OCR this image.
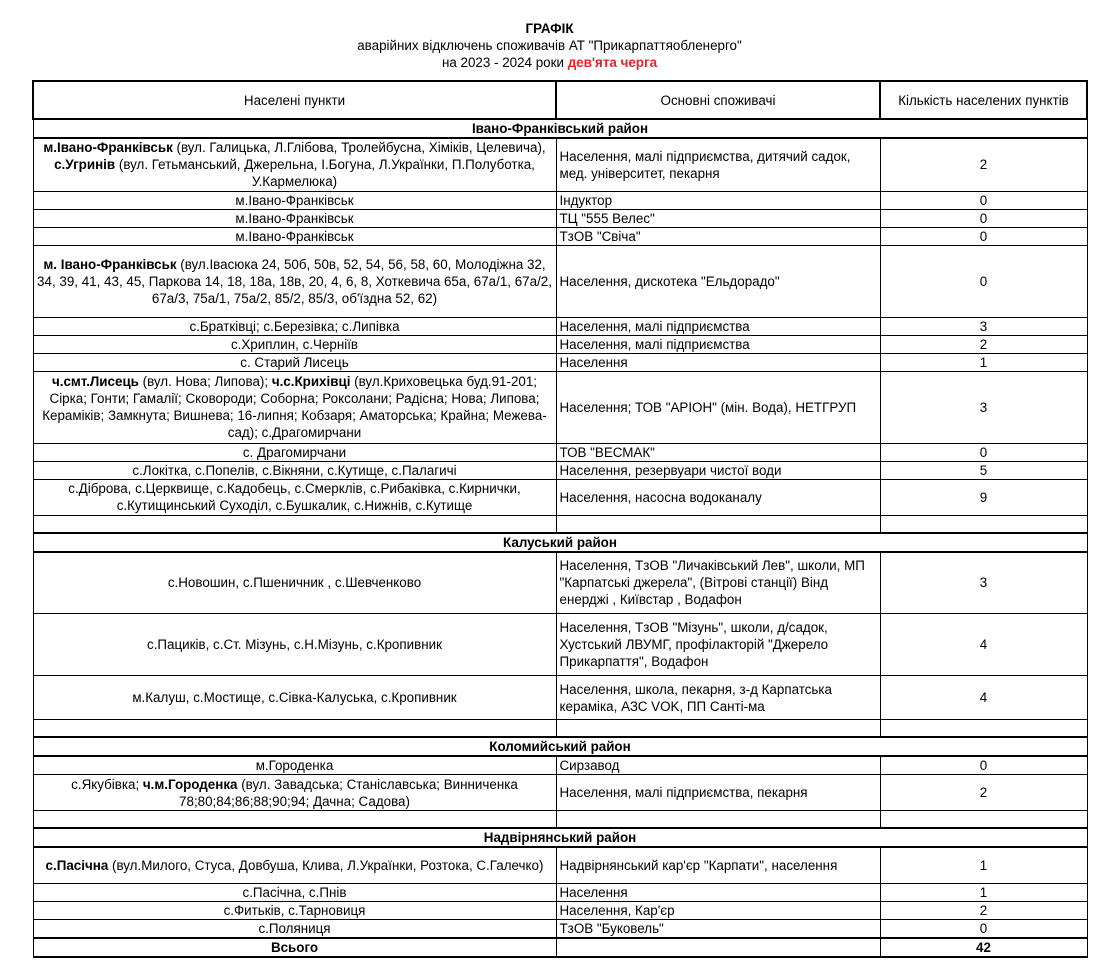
ГРАФІК
аварійних відключень споживачів АТ "Прикарпаттяобленерго"
на 2023 - 2024 роки дев'ята черга
Населені пункти	Основні споживачі	Кількість населених пунктів
Івано-Франківський район		
м.Івано-Франківськ (вул. Галицька, Л.Глібова, Тролейбусна, Хіміків, Целевича), с.Угринів (вул. Гетьманський, Джерельна, І.Богуна, Л.Українки, П.Полуботка, У.Кармелюка)	Населення, малі підприємства, дитячий садок, мед. університет, пекарня	2
м.Івано-Франківськ	Індуктор	0
м.Івано-Франківськ	ТЦ "555 Велес"	0
м.Івано-Франківськ	ТзОВ "Свіча"	0
м. Івано-Франківськ (вул.Івасюка 24, 50б, 50в, 52, 54, 56, 58, 60, Молодіжна 32, 34, 39, 41, 43, 45, Паркова 14, 18, 18а, 18в, 20, 4, 6, 8, Хоткевича 65а, 67а/1, 67а/2, 67а/3, 75а/1, 75а/2, 85/2, 85/3, об'їздна 52, 62)	Населення, дискотека "Ельдорадо"	0
с.Братківці; с.Березівка; с.Липівка	Населення, малі підприємства	3
с.Хриплин, с.Черніїв	Населення, малі підприємства	2
с. Старий Лисець	Населення	1
ч.смт.Лисець (вул. Нова; Липова); ч.с.Крихівці (вул.Криховецька буд.91-201; Сірка; Гонти; Гамалії; Сковороди; Соборна; Роксолани; Радісна; Нова; Липова; Кераміків; Замкнута; Вишнева; 16-липня; Кобзаря; Аматорська; Крайна; Межева-сад); с.Драгомирчани	Населення; ТОВ "АРІОН" (мін. Вода), НЕТГРУП	3
с. Драгомирчани	ТОВ "ВЕСМАК"	0
с.Локітка, с.Попелів, с.Вікняни, с.Кутище, с.Палагичі	Населення, резервуари чистої води	5
с.Діброва, с.Церквище, с.Кадобець, с.Смерклів, с.Рибаківка, с.Кирнички, с.Кутищинський Суходіл, с.Бушкалик, с.Нижнів, с.Кутище	Населення, насосна водоканалу	9

Калуський район		
с.Новошин, с.Пшеничник , с.Шевченково	Населення, ТзОВ "Личаківський Лев", школи, МП "Карпатські джерела", (Вітрові станції) Вінд енерджі , Київстар , Водафон	3
с.Пациків, с.Ст. Мізунь, с.Н.Мізунь, с.Кропивник	Населення, ТзОВ "Мізунь", школи, д/садок, Хустський ЛВУМГ, профілакторій "Джерело Прикарпаття", Водафон	4
м.Калуш, с.Мостище, с.Сівка-Калуська, с.Кропивник	Населення, школа, пекарня, з-д Карпатська кераміка, АЗС VOK, ПП Санті-ма	4

Коломийський район		
м.Городенка	Сирзавод	0
с.Якубівка; ч.м.Городенка (вул. Завадська; Станіславська; Винниченка 78;80;84;86;88;90;94; Дачна; Садова)	Населення, малі підприємства, пекарня	2

Надвірнянський район		
с.Пасічна (вул.Милого, Стуса, Довбуша, Клива, Л.Українки, Розтока, С.Галечко)	Надвірнянський кар'єр "Карпати", населення	1
с.Пасічна, с.Пнів	Населення	1
с.Фитьків, с.Тарновиця	Населення, Кар'єр	2
с.Поляниця	ТзОВ "Буковель"	0
Всього		42
